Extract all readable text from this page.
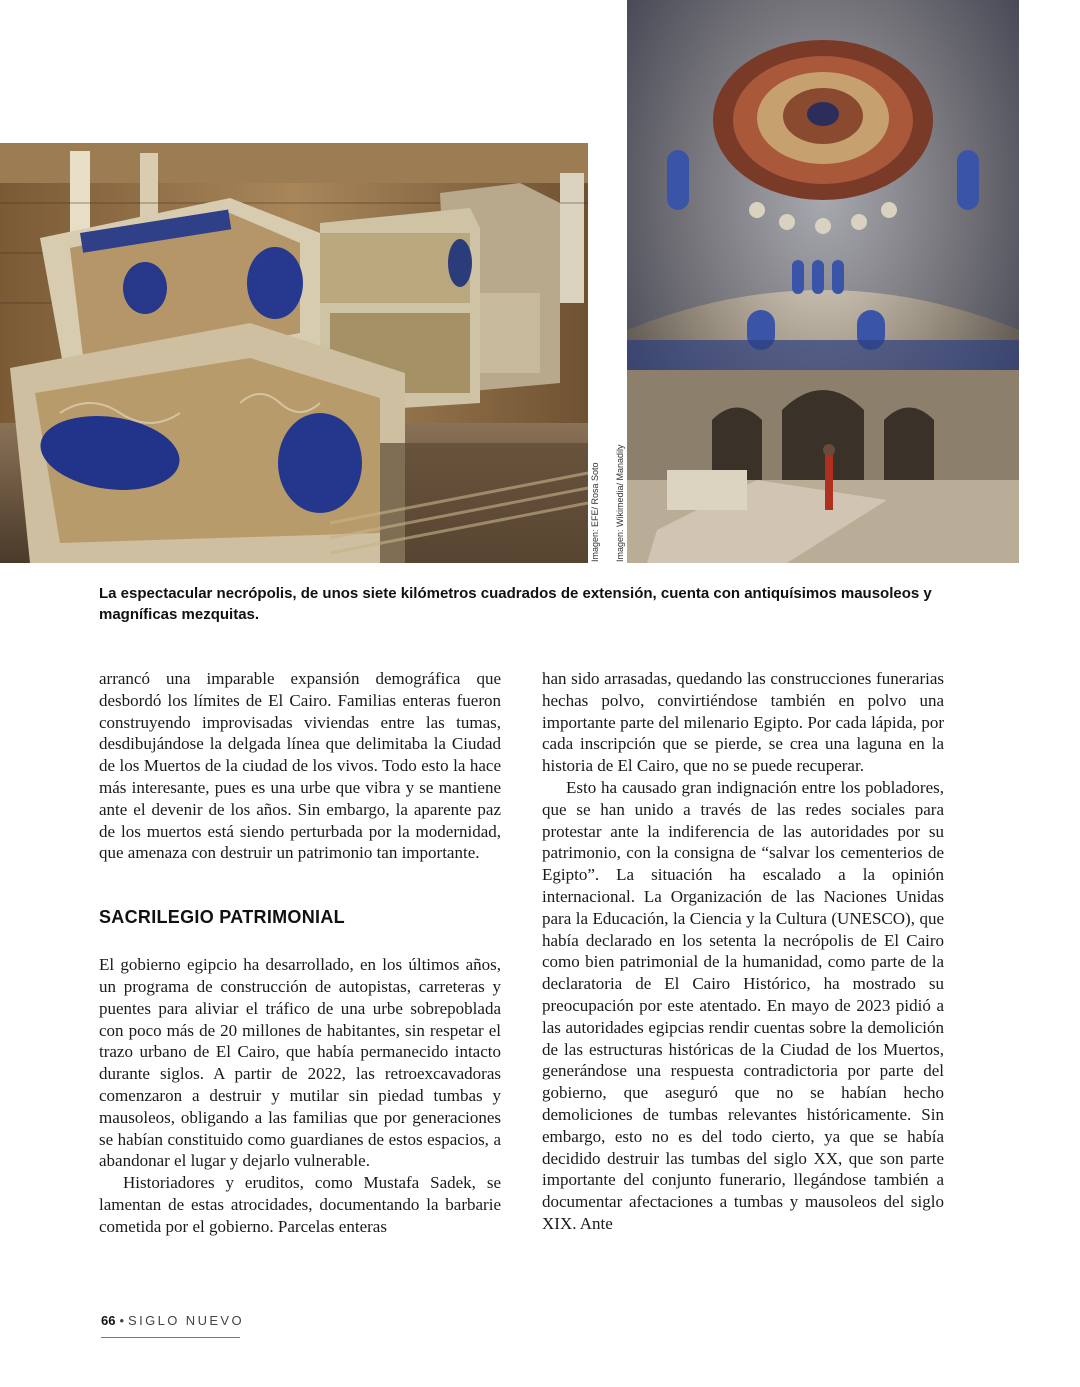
Imagen: EFE/ Rosa Soto Imagen: Wikimedia/ Manadily

La espectacular necrópolis, de unos siete kilómetros cuadrados de extensión, cuenta con antiquísimos mausoleos y magníficas mezquitas.

arrancó una imparable expansión demográfica que desbordó los límites de El Cairo. Familias enteras fueron construyendo improvisadas viviendas entre las tumas, desdibujándose la delgada línea que delimitaba la Ciudad de los Muertos de la ciudad de los vivos. Todo esto la hace más interesante, pues es una urbe que vibra y se mantiene ante el devenir de los años. Sin embargo, la aparente paz de los muertos está siendo perturbada por la modernidad, que amenaza con destruir un patrimonio tan importante.

SACRILEGIO PATRIMONIAL

El gobierno egipcio ha desarrollado, en los últimos años, un programa de construcción de autopistas, carreteras y puentes para aliviar el tráfico de una urbe sobrepoblada con poco más de 20 millones de habitantes, sin respetar el trazo urbano de El Cairo, que había permanecido intacto durante siglos. A partir de 2022, las retroexcavadoras comenzaron a destruir y mutilar sin piedad tumbas y mausoleos, obligando a las familias que por generaciones se habían constituido como guardianes de estos espacios, a abandonar el lugar y dejarlo vulnerable.

Historiadores y eruditos, como Mustafa Sadek, se lamentan de estas atrocidades, documentando la barbarie cometida por el gobierno. Parcelas enteras

han sido arrasadas, quedando las construcciones funerarias hechas polvo, convirtiéndose también en polvo una importante parte del milenario Egipto. Por cada lápida, por cada inscripción que se pierde, se crea una laguna en la historia de El Cairo, que no se puede recuperar.

Esto ha causado gran indignación entre los pobladores, que se han unido a través de las redes sociales para protestar ante la indiferencia de las autoridades por su patrimonio, con la consigna de “salvar los cementerios de Egipto”. La situación ha escalado a la opinión internacional. La Organización de las Naciones Unidas para la Educación, la Ciencia y la Cultura (UNESCO), que había declarado en los setenta la necrópolis de El Cairo como bien patrimonial de la humanidad, como parte de la declaratoria de El Cairo Histórico, ha mostrado su preocupación por este atentado. En mayo de 2023 pidió a las autoridades egipcias rendir cuentas sobre la demolición de las estructuras históricas de la Ciudad de los Muertos, generándose una respuesta contradictoria por parte del gobierno, que aseguró que no se habían hecho demoliciones de tumbas relevantes históricamente. Sin embargo, esto no es del todo cierto, ya que se había decidido destruir las tumbas del siglo XX, que son parte importante del conjunto funerario, llegándose también a documentar afectaciones a tumbas y mausoleos del siglo XIX. Ante

66 • SIGLO NUEVO
